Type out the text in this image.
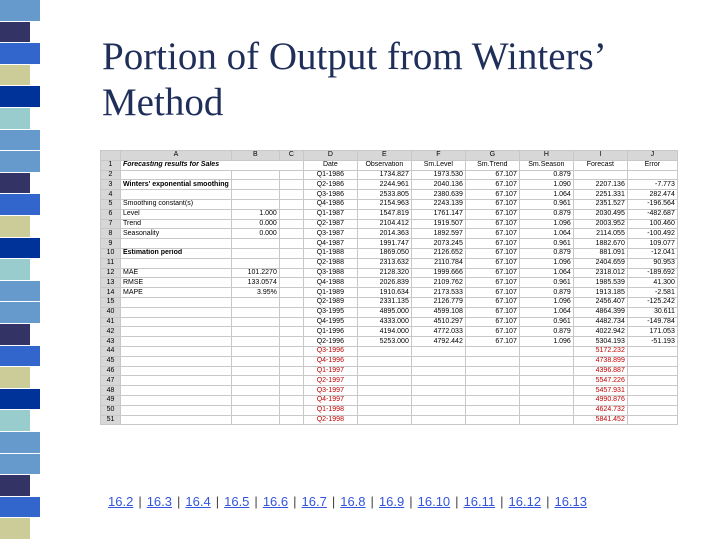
Portion of Output from Winters’ Method
	A	B	C	D	E	F	G	H	I	J
1	Forecasting results for Sales			Date	Observation	Sm.Level	Sm.Trend	Sm.Season	Forecast	Error
2				Q1-1986	1734.827	1973.530	67.107	0.879		
3	Winters' exponential smoothing			Q2-1986	2244.961	2040.136	67.107	1.090	2207.136	-7.773
4				Q3-1986	2533.805	2380.639	67.107	1.064	2251.331	282.474
5	Smoothing constant(s)			Q4-1986	2154.963	2243.139	67.107	0.961	2351.527	-196.564
6	Level	1.000		Q1-1987	1547.819	1761.147	67.107	0.879	2030.495	-482.687
7	Trend	0.000		Q2-1987	2104.412	1919.507	67.107	1.096	2003.952	100.460
8	Seasonality	0.000		Q3-1987	2014.363	1892.597	67.107	1.064	2114.055	-100.492
9				Q4-1987	1991.747	2073.245	67.107	0.961	1882.670	109.077
10	Estimation period			Q1-1988	1869.050	2126.652	67.107	0.879	881.091	-12.041
11				Q2-1988	2313.632	2110.784	67.107	1.096	2404.659	90.953
12	MAE	101.2270		Q3-1988	2128.320	1999.666	67.107	1.064	2318.012	-189.692
13	RMSE	133.0574		Q4-1988	2026.839	2109.762	67.107	0.961	1985.539	41.300
14	MAPE	3.95%		Q1-1989	1910.634	2173.533	67.107	0.879	1913.185	-2.581
15				Q2-1989	2331.135	2126.779	67.107	1.096	2456.407	-125.242
40				Q3-1995	4895.000	4599.108	67.107	1.064	4864.399	30.611
41				Q4-1995	4333.000	4510.297	67.107	0.961	4482.734	-149.784
42				Q1-1996	4194.000	4772.033	67.107	0.879	4022.942	171.053
43				Q2-1996	5253.000	4792.442	67.107	1.096	5304.193	-51.193
44				Q3-1996					5172.232	
45				Q4-1996					4738.899	
46				Q1-1997					4396.887	
47				Q2-1997					5547.226	
48				Q3-1997					5457.931	
49				Q4-1997					4990.876	
50				Q1-1998					4624.732	
51				Q2-1998					5841.452	
16.2 | 16.3 | 16.4 | 16.5 | 16.6 | 16.7 | 16.8 | 16.9 | 16.10 | 16.11 | 16.12 | 16.13
